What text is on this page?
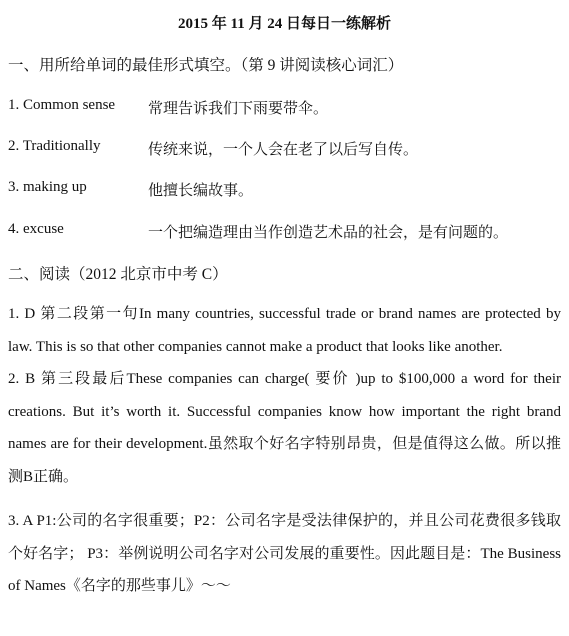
2015 年 11 月 24 日每日一练解析
一、用所给单词的最佳形式填空。（第 9 讲阅读核心词汇）
1. Common sense 常理告诉我们下雨要带伞。
2. Traditionally	传统来说，一个人会在老了以后写自传。
3. making up	他擅长编故事。
4. excuse	一个把编造理由当作创造艺术品的社会，是有问题的。
二、阅读（2012 北京市中考 C）
1. D 第二段第一句In many countries, successful trade or brand names are protected by law. This is so that other companies cannot make a product that looks like another.
2. B 第三段最后These companies can charge( 要价 )up to $100,000 a word for their creations. But it’s worth it. Successful companies know how important the right brand names are for their development.虽然取个好名字特别昂贵，但是值得这么做。所以推测B正确。
3. A P1:公司的名字很重要；P2：公司名字是受法律保护的，并且公司花费很多钱取个好名字； P3：举例说明公司名字对公司发展的重要性。因此题目是：The Business of Names《名字的那些事儿》～～
